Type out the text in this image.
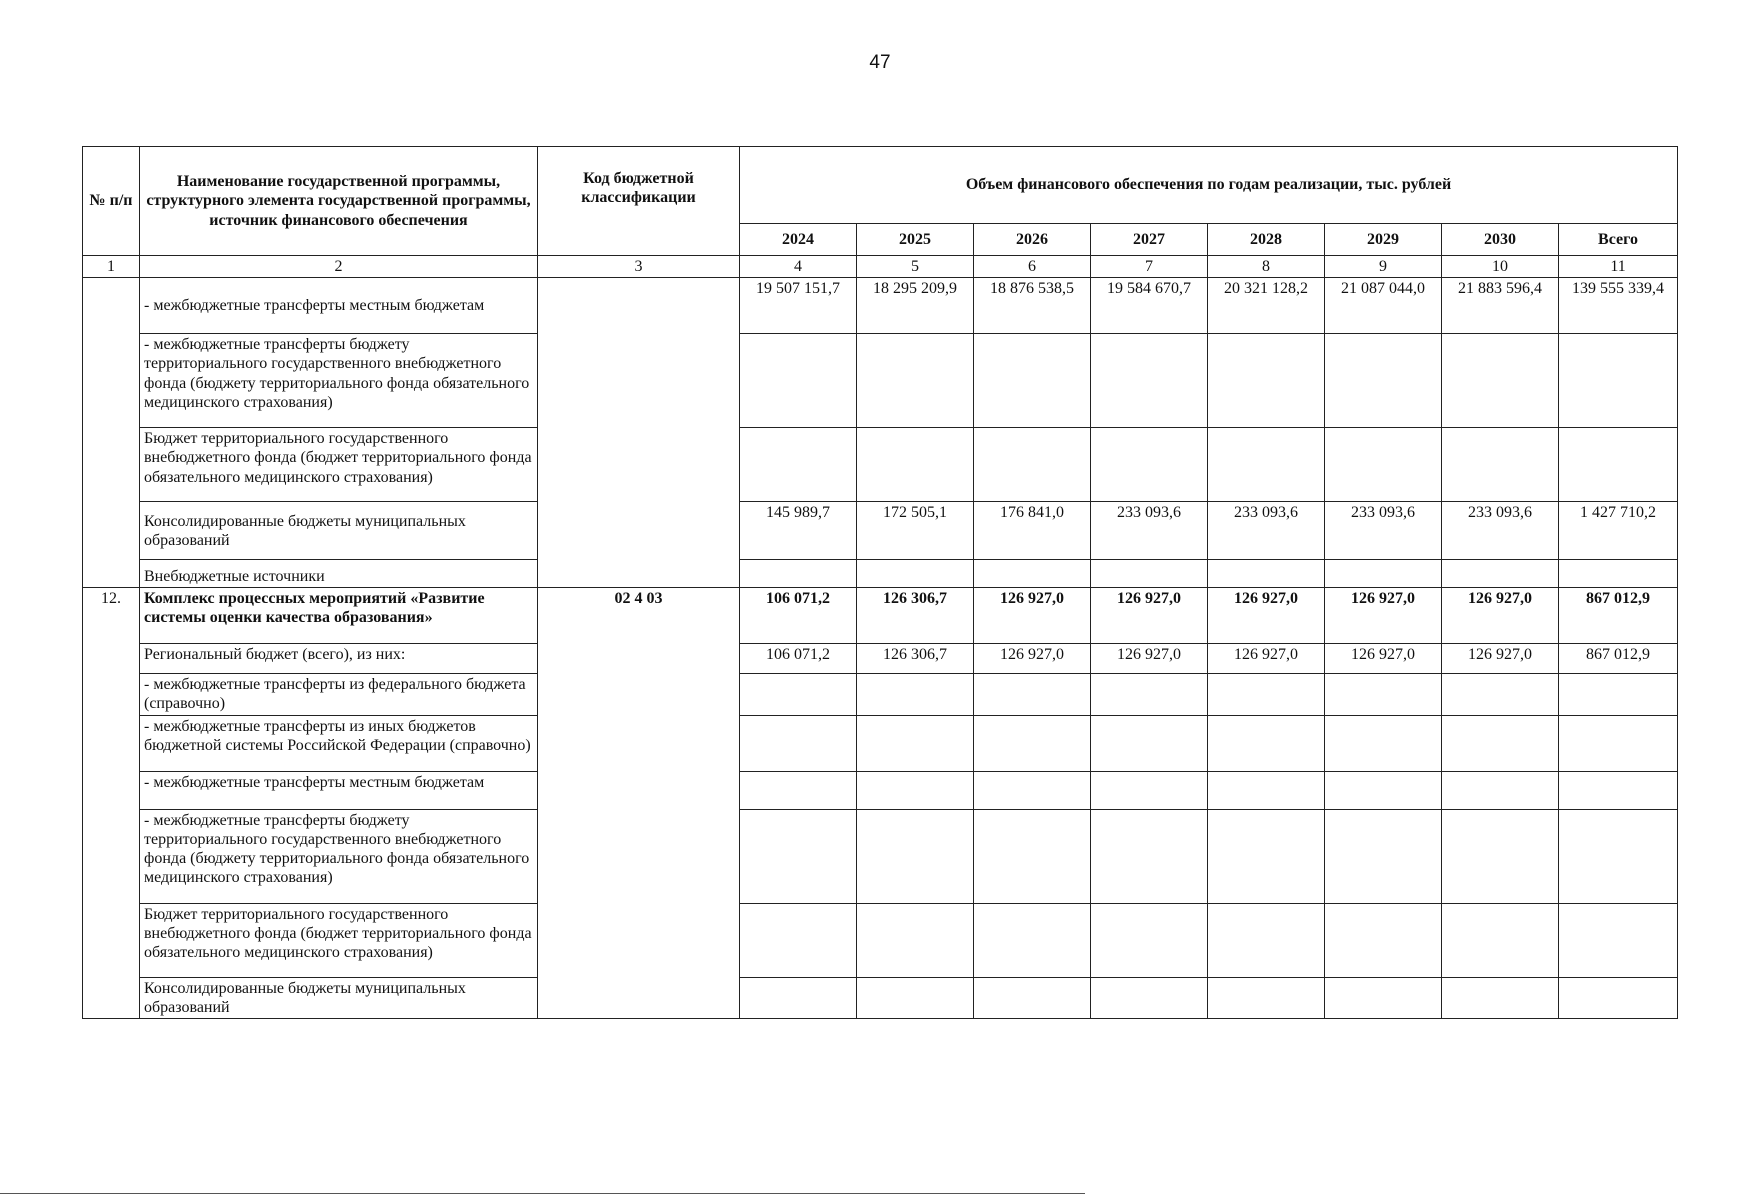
47
№ п/п	Наименование государственной программы, структурного элемента государственной программы, источник финансового обеспечения	Код бюджетной классификации	Объем финансового обеспечения по годам реализации, тыс. рублей							
			2024	2025	2026	2027	2028	2029	2030	Всего
1	2	3	4	5	6	7	8	9	10	11
	- межбюджетные трансферты местным бюджетам		19 507 151,7	18 295 209,9	18 876 538,5	19 584 670,7	20 321 128,2	21 087 044,0	21 883 596,4	139 555 339,4
	- межбюджетные трансферты бюджету территориального государственного внебюджетного фонда (бюджету территориального фонда обязательного медицинского страхования)									
	Бюджет территориального государственного внебюджетного фонда (бюджет территориального фонда обязательного медицинского страхования)									
	Консолидированные бюджеты муниципальных образований		145 989,7	172 505,1	176 841,0	233 093,6	233 093,6	233 093,6	233 093,6	1 427 710,2
	Внебюджетные источники									
12.	Комплекс процессных мероприятий «Развитие системы оценки качества образования»	02 4 03	106 071,2	126 306,7	126 927,0	126 927,0	126 927,0	126 927,0	126 927,0	867 012,9
	Региональный бюджет (всего), из них:		106 071,2	126 306,7	126 927,0	126 927,0	126 927,0	126 927,0	126 927,0	867 012,9
	- межбюджетные трансферты из федерального бюджета (справочно)									
	- межбюджетные трансферты из иных бюджетов бюджетной системы Российской Федерации (справочно)									
	- межбюджетные трансферты местным бюджетам									
	- межбюджетные трансферты бюджету территориального государственного внебюджетного фонда (бюджету территориального фонда обязательного медицинского страхования)									
	Бюджет территориального государственного внебюджетного фонда (бюджет территориального фонда обязательного медицинского страхования)									
	Консолидированные бюджеты муниципальных образований									
